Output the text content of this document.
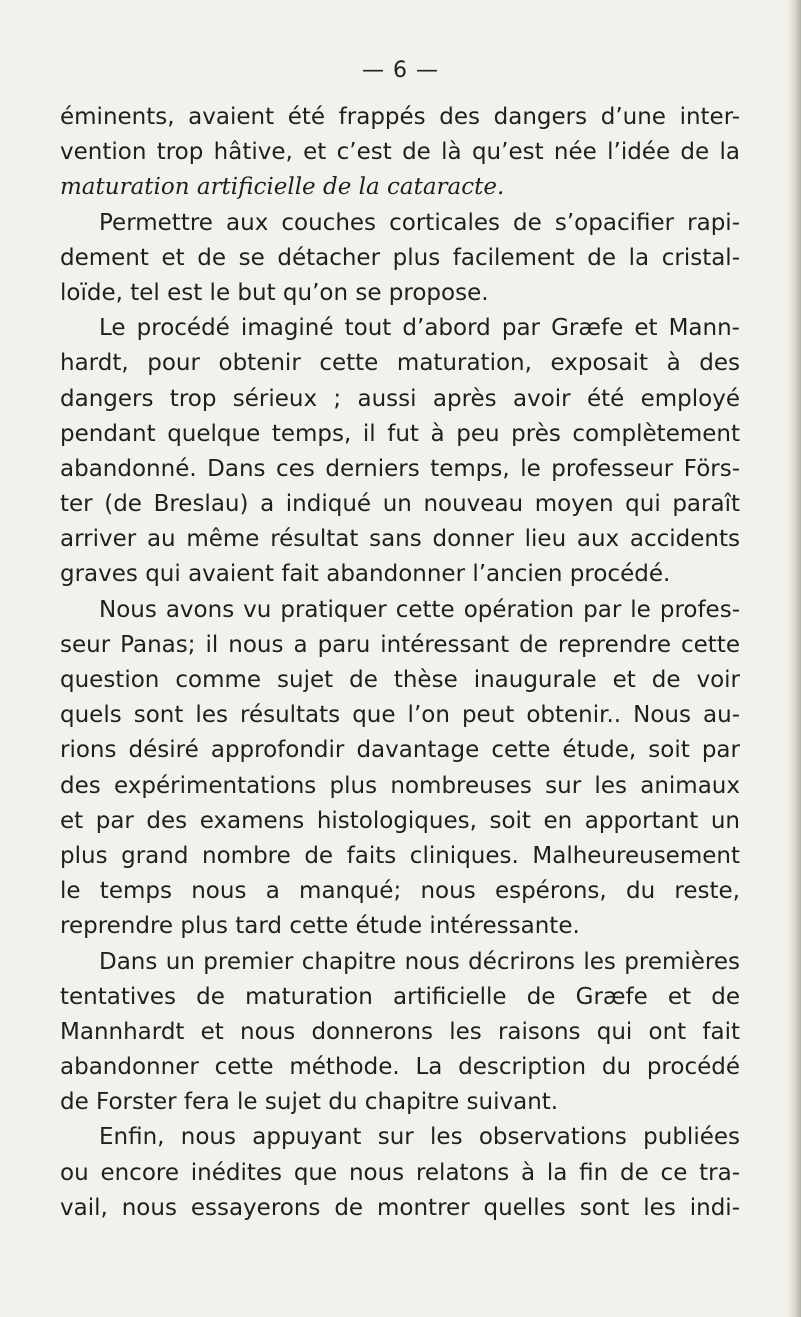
— 6 —
éminents, avaient été frappés des dangers d’une inter-
vention trop hâtive, et c’est de là qu’est née l’idée de la
maturation artificielle de la cataracte.
Permettre aux couches corticales de s’opacifier rapi-
dement et de se détacher plus facilement de la cristal-
loïde, tel est le but qu’on se propose.
Le procédé imaginé tout d’abord par Græfe et Mann-
hardt, pour obtenir cette maturation, exposait à des
dangers trop sérieux ; aussi après avoir été employé
pendant quelque temps, il fut à peu près complètement
abandonné. Dans ces derniers temps, le professeur Förs-
ter (de Breslau) a indiqué un nouveau moyen qui paraît
arriver au même résultat sans donner lieu aux accidents
graves qui avaient fait abandonner l’ancien procédé.
Nous avons vu pratiquer cette opération par le profes-
seur Panas; il nous a paru intéressant de reprendre cette
question comme sujet de thèse inaugurale et de voir
quels sont les résultats que l’on peut obtenir.. Nous au-
rions désiré approfondir davantage cette étude, soit par
des expérimentations plus nombreuses sur les animaux
et par des examens histologiques, soit en apportant un
plus grand nombre de faits cliniques. Malheureusement
le temps nous a manqué; nous espérons, du reste,
reprendre plus tard cette étude intéressante.
Dans un premier chapitre nous décrirons les premières
tentatives de maturation artificielle de Græfe et de
Mannhardt et nous donnerons les raisons qui ont fait
abandonner cette méthode. La description du procédé
de Forster fera le sujet du chapitre suivant.
Enfin, nous appuyant sur les observations publiées
ou encore inédites que nous relatons à la fin de ce tra-
vail, nous essayerons de montrer quelles sont les indi-
